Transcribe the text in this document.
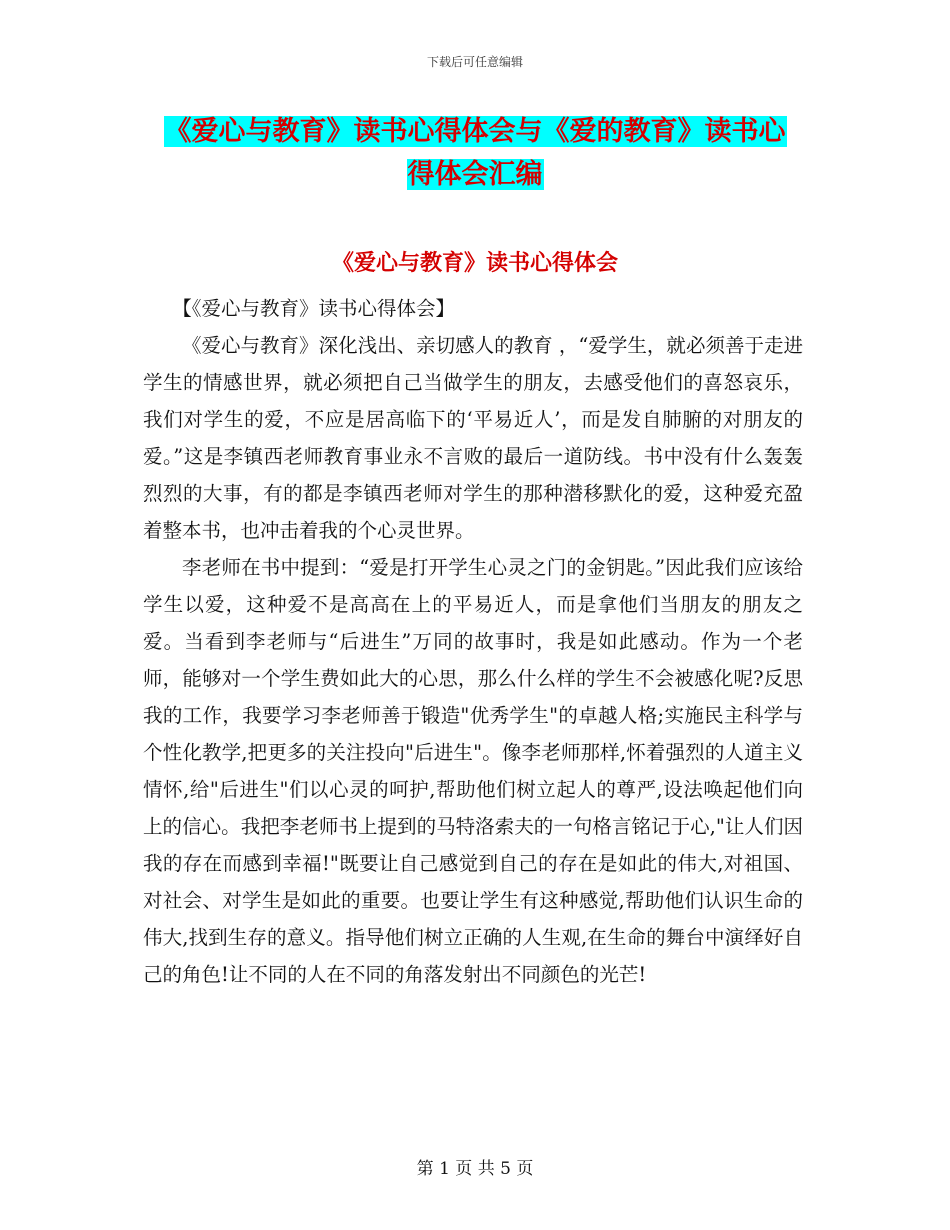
下载后可任意编辑
《爱心与教育》读书心得体会与《爱的教育》读书心
得体会汇编
《爱心与教育》读书心得体会

【《爱心与教育》读书心得体会】

《爱心与教育》深化浅出、亲切感人的教育 ，“爱学生，就必须善于走进学生的情感世界，就必须把自己当做学生的朋友，去感受他们的喜怒哀乐，我们对学生的爱，不应是居高临下的‘平易近人’，而是发自肺腑的对朋友的爱。”这是李镇西老师教育事业永不言败的最后一道防线。书中没有什么轰轰烈烈的大事，有的都是李镇西老师对学生的那种潜移默化的爱，这种爱充盈着整本书，也冲击着我的个心灵世界。

李老师在书中提到：“爱是打开学生心灵之门的金钥匙。”因此我们应该给学生以爱，这种爱不是高高在上的平易近人，而是拿他们当朋友的朋友之爱。当看到李老师与“后进生”万同的故事时，我是如此感动。作为一个老师，能够对一个学生费如此大的心思，那么什么样的学生不会被感化呢?反思我的工作，我要学习李老师善于锻造"优秀学生"的卓越人格;实施民主科学与个性化教学,把更多的关注投向"后进生"。像李老师那样,怀着强烈的人道主义情怀,给"后进生"们以心灵的呵护,帮助他们树立起人的尊严,设法唤起他们向上的信心。我把李老师书上提到的马特洛索夫的一句格言铭记于心,"让人们因我的存在而感到幸福!"既要让自己感觉到自己的存在是如此的伟大,对祖国、对社会、对学生是如此的重要。也要让学生有这种感觉,帮助他们认识生命的伟大,找到生存的意义。指导他们树立正确的人生观,在生命的舞台中演绎好自己的角色!让不同的人在不同的角落发射出不同颜色的光芒!

第 1 页 共 5 页
